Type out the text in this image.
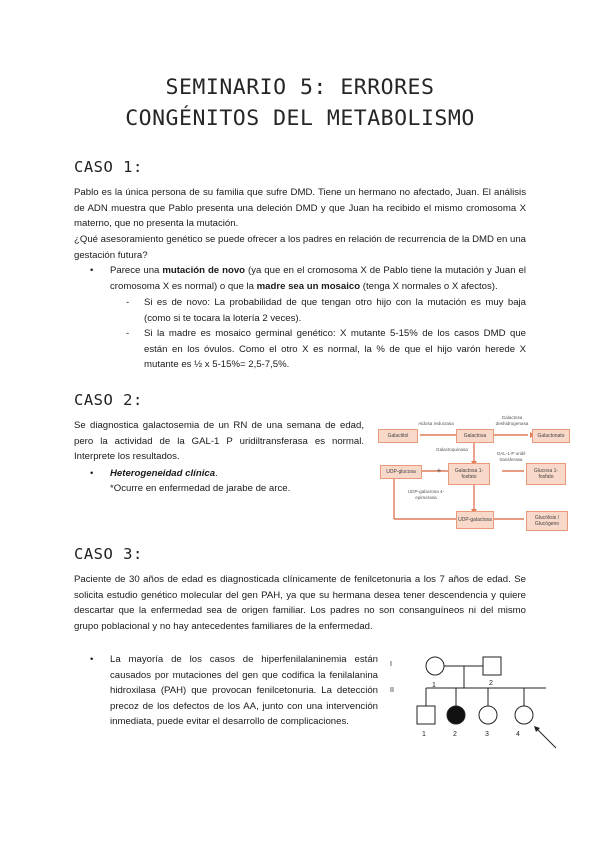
SEMINARIO 5: ERRORES
CONGÉNITOS DEL METABOLISMO
CASO 1:
Pablo es la única persona de su familia que sufre DMD. Tiene un hermano no afectado, Juan. El análisis de ADN muestra que Pablo presenta una deleción DMD y que Juan ha recibido el mismo cromosoma X materno, que no presenta la mutación.
¿Qué asesoramiento genético se puede ofrecer a los padres en relación de recurrencia de la DMD en una gestación futura?
• Parece una mutación de novo (ya que en el cromosoma X de Pablo tiene la mutación y Juan el cromosoma X es normal) o que la madre sea un mosaico (tenga X normales o X afectos).
- Si es de novo: La probabilidad de que tengan otro hijo con la mutación es muy baja (como si te tocara la lotería 2 veces).
- Si la madre es mosaico germinal genético: X mutante 5-15% de los casos DMD que están en los óvulos. Como el otro X es normal, la % de que el hijo varón herede X mutante es ½ x 5-15%= 2,5-7,5%.
CASO 2:
Se diagnostica galactosemia de un RN de una semana de edad, pero la actividad de la GAL-1 P uridiltransferasa es normal. Interprete los resultados.
• Heterogeneidad clínica.
*Ocurre en enfermedad de jarabe de arce.
Galactitol	Galactosa	Galactonato
Galactosa 1-fosfato
UDP-glucosa	Glucosa 1-fosfato
UDP-galactosa	Glucólisis / Glucógeno
Aldosa reductasa
Galactosa deshidrogenasa
Galactoquinasa
GAL-1-P uridil transferasa
UDP-galactosa 4-epimerasa
+
CASO 3:
Paciente de 30 años de edad es diagnosticada clínicamente de fenilcetonuria a los 7 años de edad. Se solicita estudio genético molecular del gen PAH, ya que su hermana desea tener descendencia y quiere descartar que la enfermedad sea de origen familiar. Los padres no son consanguíneos ni del mismo grupo poblacional y no hay antecedentes familiares de la enfermedad.
• La mayoría de los casos de hiperfenilalaninemia están causados por mutaciones del gen que codifica la fenilalanina hidroxilasa (PAH) que provocan fenilcetonuria. La detección precoz de los defectos de los AA, junto con una intervención inmediata, puede evitar el desarrollo de complicaciones.
I
II
1	2
1	2	3	4
